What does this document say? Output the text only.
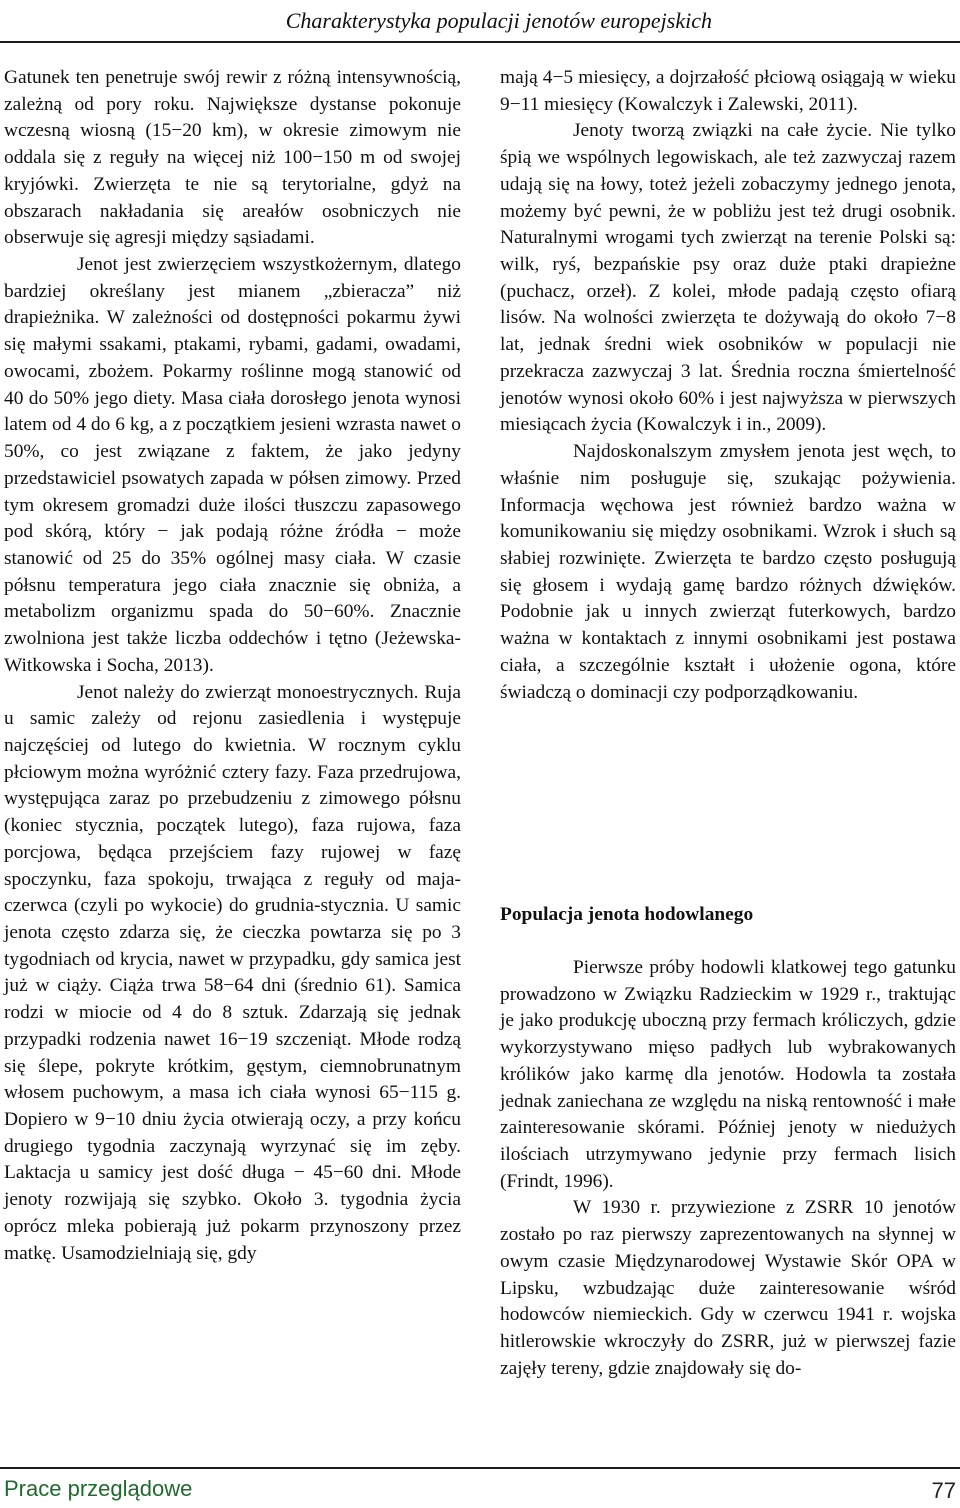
Charakterystyka populacji jenotów europejskich

Gatunek ten penetruje swój rewir z różną intensywnością, zależną od pory roku. Największe dystanse pokonuje wczesną wiosną (15−20 km), w okresie zimowym nie oddala się z reguły na więcej niż 100−150 m od swojej kryjówki. Zwierzęta te nie są terytorialne, gdyż na obszarach nakładania się areałów osobniczych nie obserwuje się agresji między sąsiadami.

Jenot jest zwierzęciem wszystkożernym, dlatego bardziej określany jest mianem „zbieracza” niż drapieżnika. W zależności od dostępności pokarmu żywi się małymi ssakami, ptakami, rybami, gadami, owadami, owocami, zbożem. Pokarmy roślinne mogą stanowić od 40 do 50% jego diety. Masa ciała dorosłego jenota wynosi latem od 4 do 6 kg, a z początkiem jesieni wzrasta nawet o 50%, co jest związane z faktem, że jako jedyny przedstawiciel psowatych zapada w półsen zimowy. Przed tym okresem gromadzi duże ilości tłuszczu zapasowego pod skórą, który − jak podają różne źródła − może stanowić od 25 do 35% ogólnej masy ciała. W czasie półsnu temperatura jego ciała znacznie się obniża, a metabolizm organizmu spada do 50−60%. Znacznie zwolniona jest także liczba oddechów i tętno (Jeżewska-Witkowska i Socha, 2013).

Jenot należy do zwierząt monoestrycznych. Ruja u samic zależy od rejonu zasiedlenia i występuje najczęściej od lutego do kwietnia. W rocznym cyklu płciowym można wyróżnić cztery fazy. Faza przedrujowa, występująca zaraz po przebudzeniu z zimowego półsnu (koniec stycznia, początek lutego), faza rujowa, faza porcjowa, będąca przejściem fazy rujowej w fazę spoczynku, faza spokoju, trwająca z reguły od maja-czerwca (czyli po wykocie) do grudnia-stycznia. U samic jenota często zdarza się, że cieczka powtarza się po 3 tygodniach od krycia, nawet w przypadku, gdy samica jest już w ciąży. Ciąża trwa 58−64 dni (średnio 61). Samica rodzi w miocie od 4 do 8 sztuk. Zdarzają się jednak przypadki rodzenia nawet 16−19 szczeniąt. Młode rodzą się ślepe, pokryte krótkim, gęstym, ciemnobrunatnym włosem puchowym, a masa ich ciała wynosi 65−115 g. Dopiero w 9−10 dniu życia otwierają oczy, a przy końcu drugiego tygodnia zaczynają wyrzynać się im zęby. Laktacja u samicy jest dość długa − 45−60 dni. Młode jenoty rozwijają się szybko. Około 3. tygodnia życia oprócz mleka pobierają już pokarm przynoszony przez matkę. Usamodzielniają się, gdy

mają 4−5 miesięcy, a dojrzałość płciową osiągają w wieku 9−11 miesięcy (Kowalczyk i Zalewski, 2011).

Jenoty tworzą związki na całe życie. Nie tylko śpią we wspólnych legowiskach, ale też zazwyczaj razem udają się na łowy, toteż jeżeli zobaczymy jednego jenota, możemy być pewni, że w pobliżu jest też drugi osobnik. Naturalnymi wrogami tych zwierząt na terenie Polski są: wilk, ryś, bezpańskie psy oraz duże ptaki drapieżne (puchacz, orzeł). Z kolei, młode padają często ofiarą lisów. Na wolności zwierzęta te dożywają do około 7−8 lat, jednak średni wiek osobników w populacji nie przekracza zazwyczaj 3 lat. Średnia roczna śmiertelność jenotów wynosi około 60% i jest najwyższa w pierwszych miesiącach życia (Kowalczyk i in., 2009).

Najdoskonalszym zmysłem jenota jest węch, to właśnie nim posługuje się, szukając pożywienia. Informacja węchowa jest również bardzo ważna w komunikowaniu się między osobnikami. Wzrok i słuch są słabiej rozwinięte. Zwierzęta te bardzo często posługują się głosem i wydają gamę bardzo różnych dźwięków. Podobnie jak u innych zwierząt futerkowych, bardzo ważna w kontaktach z innymi osobnikami jest postawa ciała, a szczególnie kształt i ułożenie ogona, które świadczą o dominacji czy podporządkowaniu.

Populacja jenota hodowlanego

Pierwsze próby hodowli klatkowej tego gatunku prowadzono w Związku Radzieckim w 1929 r., traktując je jako produkcję uboczną przy fermach króliczych, gdzie wykorzystywano mięso padłych lub wybrakowanych królików jako karmę dla jenotów. Hodowla ta została jednak zaniechana ze względu na niską rentowność i małe zainteresowanie skórami. Później jenoty w niedużych ilościach utrzymywano jedynie przy fermach lisich (Frindt, 1996).

W 1930 r. przywiezione z ZSRR 10 jenotów zostało po raz pierwszy zaprezentowanych na słynnej w owym czasie Międzynarodowej Wystawie Skór OPA w Lipsku, wzbudzając duże zainteresowanie wśród hodowców niemieckich. Gdy w czerwcu 1941 r. wojska hitlerowskie wkroczyły do ZSRR, już w pierwszej fazie zajęły tereny, gdzie znajdowały się do-

Prace przeglądowe	77
